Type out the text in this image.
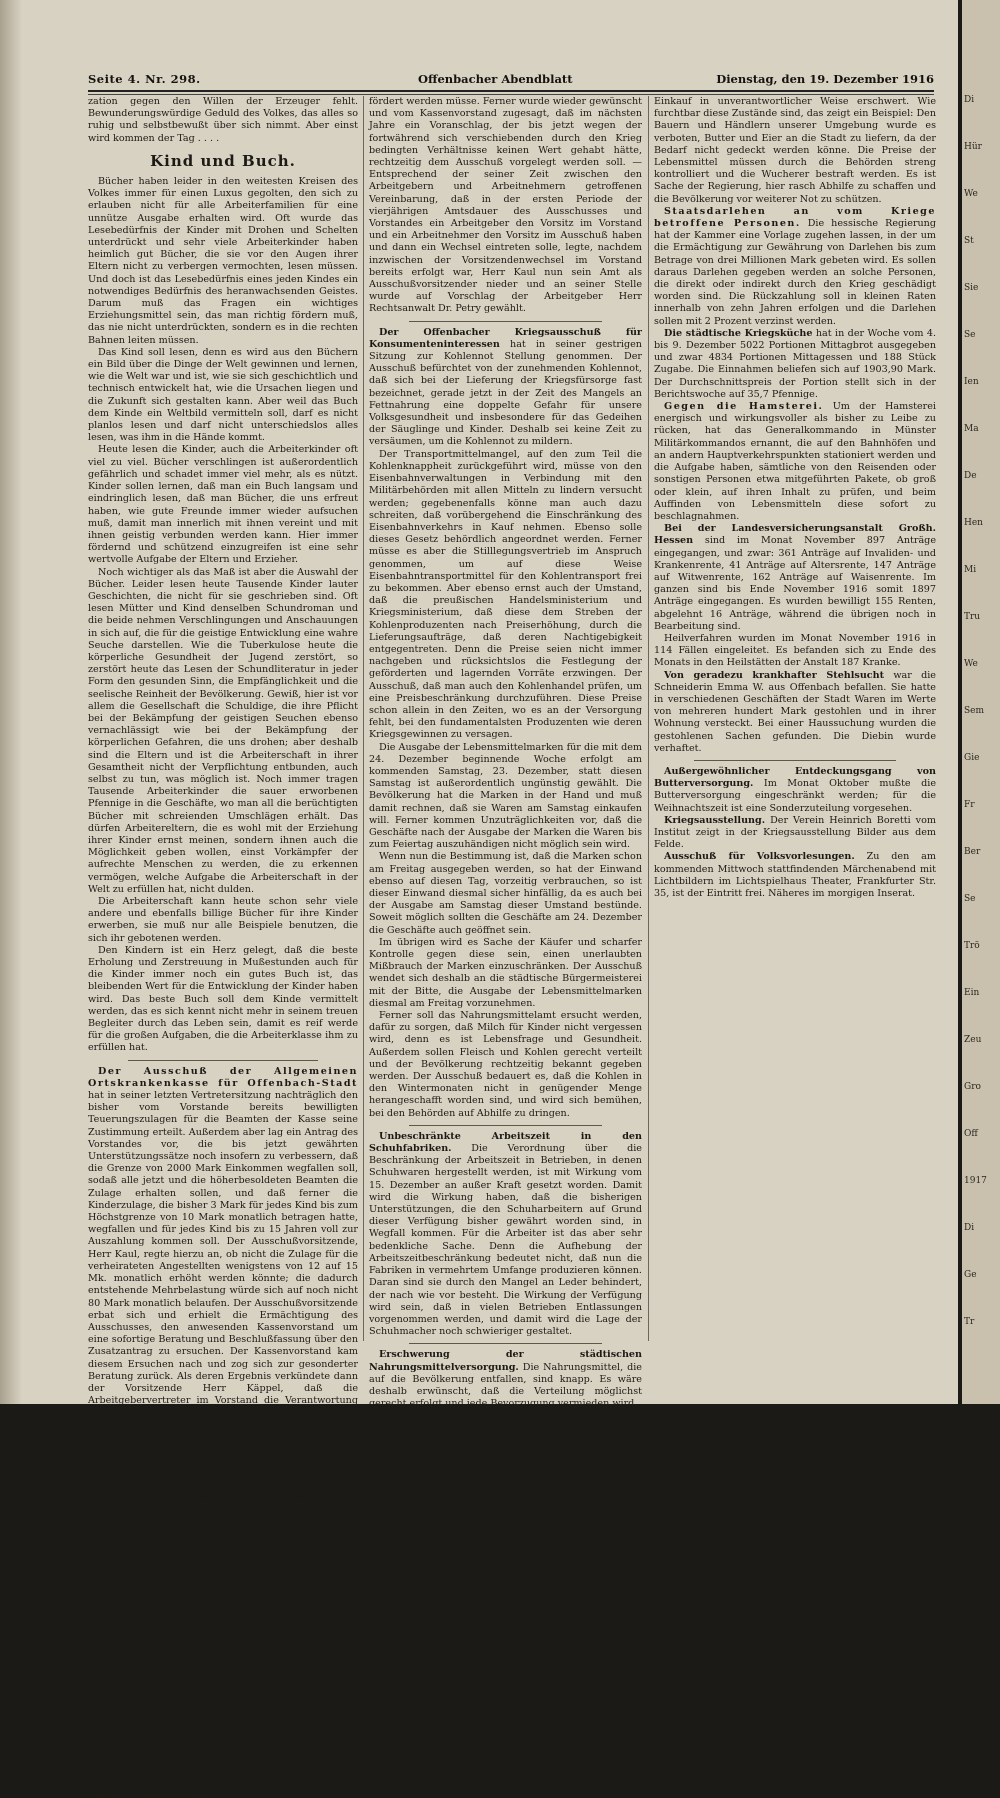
Seite 4. Nr. 298.	Offenbacher Abendblatt	Dienstag, den 19. Dezember 1916

zation gegen den Willen der Erzeuger fehlt. Bewunderungswürdige Geduld des Volkes, das alles so ruhig und selbstbewußt über sich nimmt. Aber einst wird kommen der Tag . . . .

Kind und Buch.

Bücher haben leider in den weitesten Kreisen des Volkes immer für einen Luxus gegolten, den sich zu erlauben nicht für alle Arbeiterfamilien für eine unnütze Ausgabe erhalten wird. Oft wurde das Lesebedürfnis der Kinder mit Drohen und Schelten unterdrückt und sehr viele Arbeiterkinder haben heimlich gut Bücher, die sie vor den Augen ihrer Eltern nicht zu verbergen vermochten, lesen müssen. Und doch ist das Lesebedürfnis eines jeden Kindes ein notwendiges Bedürfnis des heranwachsenden Geistes. Darum muß das Fragen ein wichtiges Erziehungsmittel sein, das man richtig fördern muß, das nie nicht unterdrückten, sondern es in die rechten Bahnen leiten müssen.

Das Kind soll lesen, denn es wird aus den Büchern ein Bild über die Dinge der Welt gewinnen und lernen, wie die Welt war und ist, wie sie sich geschichtlich und technisch entwickelt hat, wie die Ursachen liegen und die Zukunft sich gestalten kann. Aber weil das Buch dem Kinde ein Weltbild vermitteln soll, darf es nicht planlos lesen und darf nicht unterschiedslos alles lesen, was ihm in die Hände kommt.

Heute lesen die Kinder, auch die Arbeiterkinder oft viel zu viel. Bücher verschlingen ist außerordentlich gefährlich und schadet immer viel mehr, als es nützt. Kinder sollen lernen, daß man ein Buch langsam und eindringlich lesen, daß man Bücher, die uns erfreut haben, wie gute Freunde immer wieder aufsuchen muß, damit man innerlich mit ihnen vereint und mit ihnen geistig verbunden werden kann. Hier immer fördernd und schützend einzugreifen ist eine sehr wertvolle Aufgabe der Eltern und Erzieher.

Noch wichtiger als das Maß ist aber die Auswahl der Bücher. Leider lesen heute Tausende Kinder lauter Geschichten, die nicht für sie geschrieben sind. Oft lesen Mütter und Kind denselben Schundroman und die beide nehmen Verschlingungen und Anschauungen in sich auf, die für die geistige Entwicklung eine wahre Seuche darstellen. Wie die Tuberkulose heute die körperliche Gesundheit der Jugend zerstört, so zerstört heute das Lesen der Schundliteratur in jeder Form den gesunden Sinn, die Empfänglichkeit und die seelische Reinheit der Bevölkerung. Gewiß, hier ist vor allem die Gesellschaft die Schuldige, die ihre Pflicht bei der Bekämpfung der geistigen Seuchen ebenso vernachlässigt wie bei der Bekämpfung der körperlichen Gefahren, die uns drohen; aber deshalb sind die Eltern und ist die Arbeiterschaft in ihrer Gesamtheit nicht der Verpflichtung entbunden, auch selbst zu tun, was möglich ist. Noch immer tragen Tausende Arbeiterkinder die sauer erworbenen Pfennige in die Geschäfte, wo man all die berüchtigten Bücher mit schreienden Umschlägen erhält. Das dürfen Arbeitereltern, die es wohl mit der Erziehung ihrer Kinder ernst meinen, sondern ihnen auch die Möglichkeit geben wollen, einst Vorkämpfer der aufrechte Menschen zu werden, die zu erkennen vermögen, welche Aufgabe die Arbeiterschaft in der Welt zu erfüllen hat, nicht dulden.

Die Arbeiterschaft kann heute schon sehr viele andere und ebenfalls billige Bücher für ihre Kinder erwerben, sie muß nur alle Beispiele benutzen, die sich ihr gebotenen werden.

Den Kindern ist ein Herz gelegt, daß die beste Erholung und Zerstreuung in Mußestunden auch für die Kinder immer noch ein gutes Buch ist, das bleibenden Wert für die Entwicklung der Kinder haben wird. Das beste Buch soll dem Kinde vermittelt werden, das es sich kennt nicht mehr in seinem treuen Begleiter durch das Leben sein, damit es reif werde für die großen Aufgaben, die die Arbeiterklasse ihm zu erfüllen hat.

Der Ausschuß der Allgemeinen Ortskrankenkasse für Offenbach-Stadt hat in seiner letzten Vertretersitzung nachträglich den bisher vom Vorstande bereits bewilligten Teuerungszulagen für die Beamten der Kasse seine Zustimmung erteilt. Außerdem aber lag ein Antrag des Vorstandes vor, die bis jetzt gewährten Unterstützungssätze noch insofern zu verbessern, daß die Grenze von 2000 Mark Einkommen wegfallen soll, sodaß alle jetzt und die höherbesoldeten Beamten die Zulage erhalten sollen, und daß ferner die Kinderzulage, die bisher 3 Mark für jedes Kind bis zum Höchstgrenze von 10 Mark monatlich betragen hatte, wegfallen und für jedes Kind bis zu 15 Jahren voll zur Auszahlung kommen soll. Der Ausschußvorsitzende, Herr Kaul, regte hierzu an, ob nicht die Zulage für die verheirateten Angestellten wenigstens von 12 auf 15 Mk. monatlich erhöht werden könnte; die dadurch entstehende Mehrbelastung würde sich auf noch nicht 80 Mark monatlich belaufen. Der Ausschußvorsitzende erbat sich und erhielt die Ermächtigung des Ausschusses, den anwesenden Kassenvorstand um eine sofortige Beratung und Beschlußfassung über den Zusatzantrag zu ersuchen. Der Kassenvorstand kam diesem Ersuchen nach und zog sich zur gesonderter Beratung zurück. Als deren Ergebnis verkündete dann der Vorsitzende Herr Käppel, daß die Arbeitgebervertreter im Vorstand die Verantwortung für den neuen Vorschlag im Augenblick nicht auf sich nehmen zu können glaubten, weil doch aber im April nächsten Jahres bei Aufstellung des Voranschlages der Vorstand in die Prüfung der Frage einer weiteren Erhöhung der Teuerungszulagen eintreten werde.

Der Ausschuß mußte sich mit dieser Antwort begnügen und nahm sodann die Vorstandsvorschläge an, nachdem noch Herr Kaul noch eingehalten hatte, daß die vom Vorstand erfolgte Zustimmung erteilt, und daß der Frage einer Erhöhung der Mankogelder für die in Frage kommenden Beamten endlich einmal näherzutreten. — Ueber den Stand der Kasse berichtete der Vorstandsvorsitzende Herr Käppel. Er konnte ihn als einen normalen bezeichnen, so daß der Ausschuß sich entschließen habe, die auf Grund der Kriegs-Bundesratsverordnungen bei Beginn des Krieges ausgeschlossenen Mehrleistungen der Kasse noch und noch wieder einzuführen, insbesondere auch die Erhöhung des Krankengeldes auf 55 Prozent. In der Besprechung, an der sich die Herren Kaul und Abßmeier von den Arbeitnehmern, sowie Herr Lang von den Arbeitgebern, ferner der Geschäftsführer Herr Falke und der Redner Herr Schmitt sowie der Kassenverwalter Herr Käppel beteiligten, wurde u. a. über die Einführung des bargeldlosen Verkehrs gesprochen, der bei vielen Unternehmern noch auf Schwierigkeiten stößt und auch der Kasse bei der Auszahlung des Krankengeldes noch vielen von unserem Umzug von Kleingeld nicht zu erleichtern gewesen ist. Der Vorstand soll im Interesse unserer Volkswirtschaft mit allen Mitteln auch von der Kasse gefördert werden müsse.

fördert werden müsse. Ferner wurde wieder gewünscht und vom Kassenvorstand zugesagt, daß im nächsten Jahre ein Voranschlag, der bis jetzt wegen der fortwährend sich verschiebenden durch den Krieg bedingten Verhältnisse keinen Wert gehabt hätte, rechtzeitig dem Ausschuß vorgelegt werden soll. — Entsprechend der seiner Zeit zwischen den Arbeitgebern und Arbeitnehmern getroffenen Vereinbarung, daß in der ersten Periode der vierjährigen Amtsdauer des Ausschusses und Vorstandes ein Arbeitgeber den Vorsitz im Vorstand und ein Arbeitnehmer den Vorsitz im Ausschuß haben und dann ein Wechsel eintreten solle, legte, nachdem inzwischen der Vorsitzendenwechsel im Vorstand bereits erfolgt war, Herr Kaul nun sein Amt als Ausschußvorsitzender nieder und an seiner Stelle wurde auf Vorschlag der Arbeitgeber Herr Rechtsanwalt Dr. Petry gewählt.

Der Offenbacher Kriegsausschuß für Konsumenteninteressen hat in seiner gestrigen Sitzung zur Kohlennot Stellung genommen. Der Ausschuß befürchtet von der zunehmenden Kohlennot, daß sich bei der Lieferung der Kriegsfürsorge fast bezeichnet, gerade jetzt in der Zeit des Mangels an Fettnahrung eine doppelte Gefahr für unsere Volksgesundheit und insbesondere für das Gedeihen der Säuglinge und Kinder. Deshalb sei keine Zeit zu versäumen, um die Kohlennot zu mildern.

Der Transportmittelmangel, auf den zum Teil die Kohlenknappheit zurückgeführt wird, müsse von den Eisenbahnverwaltungen in Verbindung mit den Militärbehörden mit allen Mitteln zu lindern versucht werden; gegebenenfalls könne man auch dazu schreiten, daß vorübergehend die Einschränkung des Eisenbahnverkehrs in Kauf nehmen. Ebenso solle dieses Gesetz behördlich angeordnet werden. Ferner müsse es aber die Stilllegungsvertrieb im Anspruch genommen, um auf diese Weise Eisenbahntransportmittel für den Kohlentransport frei zu bekommen. Aber ebenso ernst auch der Umstand, daß die preußischen Handelsministerium und Kriegsministerium, daß diese dem Streben der Kohlenproduzenten nach Preiserhöhung, durch die Lieferungsaufträge, daß deren Nachtigebigkeit entgegentreten. Denn die Preise seien nicht immer nachgeben und rücksichtslos die Festlegung der geförderten und lagernden Vorräte erzwingen. Der Ausschuß, daß man auch den Kohlenhandel prüfen, um eine Preisbeschränkung durchzuführen. Diese Preise schon allein in den Zeiten, wo es an der Versorgung fehlt, bei den fundamentalsten Produzenten wie deren Kriegsgewinnen zu versagen.

Die Ausgabe der Lebensmittelmarken für die mit dem 24. Dezember beginnende Woche erfolgt am kommenden Samstag, 23. Dezember, statt diesen Samstag ist außerordentlich ungünstig gewählt. Die Bevölkerung hat die Marken in der Hand und muß damit rechnen, daß sie Waren am Samstag einkaufen will. Ferner kommen Unzuträglichkeiten vor, daß die Geschäfte nach der Ausgabe der Marken die Waren bis zum Feiertag auszuhändigen nicht möglich sein wird.

Wenn nun die Bestimmung ist, daß die Marken schon am Freitag ausgegeben werden, so hat der Einwand ebenso auf diesen Tag, vorzeitig verbrauchen, so ist dieser Einwand diesmal sicher hinfällig, da es auch bei der Ausgabe am Samstag dieser Umstand bestünde. Soweit möglich sollten die Geschäfte am 24. Dezember die Geschäfte auch geöffnet sein.

Im übrigen wird es Sache der Käufer und scharfer Kontrolle gegen diese sein, einen unerlaubten Mißbrauch der Marken einzuschränken. Der Ausschuß wendet sich deshalb an die städtische Bürgermeisterei mit der Bitte, die Ausgabe der Lebensmittelmarken diesmal am Freitag vorzunehmen.

Ferner soll das Nahrungsmittelamt ersucht werden, dafür zu sorgen, daß Milch für Kinder nicht vergessen wird, denn es ist Lebensfrage und Gesundheit. Außerdem sollen Fleisch und Kohlen gerecht verteilt und der Bevölkerung rechtzeitig bekannt gegeben werden. Der Ausschuß bedauert es, daß die Kohlen in den Wintermonaten nicht in genügender Menge herangeschafft worden sind, und wird sich bemühen, bei den Behörden auf Abhilfe zu dringen.

Unbeschränkte Arbeitszeit in den Schuhfabriken. Die Verordnung über die Beschränkung der Arbeitszeit in Betrieben, in denen Schuhwaren hergestellt werden, ist mit Wirkung vom 15. Dezember an außer Kraft gesetzt worden. Damit wird die Wirkung haben, daß die bisherigen Unterstützungen, die den Schuharbeitern auf Grund dieser Verfügung bisher gewährt worden sind, in Wegfall kommen. Für die Arbeiter ist das aber sehr bedenkliche Sache. Denn die Aufhebung der Arbeitszeitbeschränkung bedeutet nicht, daß nun die Fabriken in vermehrtem Umfange produzieren können. Daran sind sie durch den Mangel an Leder behindert, der nach wie vor besteht. Die Wirkung der Verfügung wird sein, daß in vielen Betrieben Entlassungen vorgenommen werden, und damit wird die Lage der Schuhmacher noch schwieriger gestaltet.

Erschwerung der städtischen Nahrungsmittelversorgung. Die Nahrungsmittel, die auf die Bevölkerung entfallen, sind knapp. Es wäre deshalb erwünscht, daß die Verteilung möglichst gerecht erfolgt und jede Bevorzugung vermieden wird.

Einkauf in unverantwortlicher Weise erschwert. Wie furchtbar diese Zustände sind, das zeigt ein Beispiel: Den Bauern und Händlern unserer Umgebung wurde es verboten, Butter und Eier an die Stadt zu liefern, da der Bedarf nicht gedeckt werden könne. Die Preise der Lebensmittel müssen durch die Behörden streng kontrolliert und die Wucherer bestraft werden. Es ist Sache der Regierung, hier rasch Abhilfe zu schaffen und die Bevölkerung vor weiterer Not zu schützen.

Staatsdarlehen an vom Kriege betroffene Personen. Die hessische Regierung hat der Kammer eine Vorlage zugehen lassen, in der um die Ermächtigung zur Gewährung von Darlehen bis zum Betrage von drei Millionen Mark gebeten wird. Es sollen daraus Darlehen gegeben werden an solche Personen, die direkt oder indirekt durch den Krieg geschädigt worden sind. Die Rückzahlung soll in kleinen Raten innerhalb von zehn Jahren erfolgen und die Darlehen sollen mit 2 Prozent verzinst werden.

Die städtische Kriegsküche hat in der Woche vom 4. bis 9. Dezember 5022 Portionen Mittagbrot ausgegeben und zwar 4834 Portionen Mittagessen und 188 Stück Zugabe. Die Einnahmen beliefen sich auf 1903,90 Mark. Der Durchschnittspreis der Portion stellt sich in der Berichtswoche auf 35,7 Pfennige.

Gegen die Hamsterei. Um der Hamsterei energisch und wirkungsvoller als bisher zu Leibe zu rücken, hat das Generalkommando in Münster Militärkommandos ernannt, die auf den Bahnhöfen und an andern Hauptverkehrspunkten stationiert werden und die Aufgabe haben, sämtliche von den Reisenden oder sonstigen Personen etwa mitgeführten Pakete, ob groß oder klein, auf ihren Inhalt zu prüfen, und beim Auffinden von Lebensmitteln diese sofort zu beschlagnahmen.

Bei der Landesversicherungsanstalt Großh. Hessen sind im Monat November 897 Anträge eingegangen, und zwar: 361 Anträge auf Invaliden- und Krankenrente, 41 Anträge auf Altersrente, 147 Anträge auf Witwenrente, 162 Anträge auf Waisenrente. Im ganzen sind bis Ende November 1916 somit 1897 Anträge eingegangen. Es wurden bewilligt 155 Renten, abgelehnt 16 Anträge, während die übrigen noch in Bearbeitung sind.

Heilverfahren wurden im Monat November 1916 in 114 Fällen eingeleitet. Es befanden sich zu Ende des Monats in den Heilstätten der Anstalt 187 Kranke.

Von geradezu krankhafter Stehlsucht war die Schneiderin Emma W. aus Offenbach befallen. Sie hatte in verschiedenen Geschäften der Stadt Waren im Werte von mehreren hundert Mark gestohlen und in ihrer Wohnung versteckt. Bei einer Haussuchung wurden die gestohlenen Sachen gefunden. Die Diebin wurde verhaftet.

Außergewöhnlicher Entdeckungsgang von Butterversorgung. Im Monat Oktober mußte die Butterversorgung eingeschränkt werden; für die Weihnachtszeit ist eine Sonderzuteilung vorgesehen.

Kriegsausstellung. Der Verein Heinrich Boretti vom Institut zeigt in der Kriegsausstellung Bilder aus dem Felde.

Ausschuß für Volksvorlesungen. Zu den am kommenden Mittwoch stattfindenden Märchenabend mit Lichtbildern im Lichtspielhaus Theater, Frankfurter Str. 35, ist der Eintritt frei. Näheres im morgigen Inserat.

Di
Hür
We
St
Sie
Se
Ien
Ma
De
Hen
Mi
Tru
We
Sem
Gie
Fr
Ber
Se
Trö
Ein
Zeu
Gro
Off
1917
Di
Ge
Tr
